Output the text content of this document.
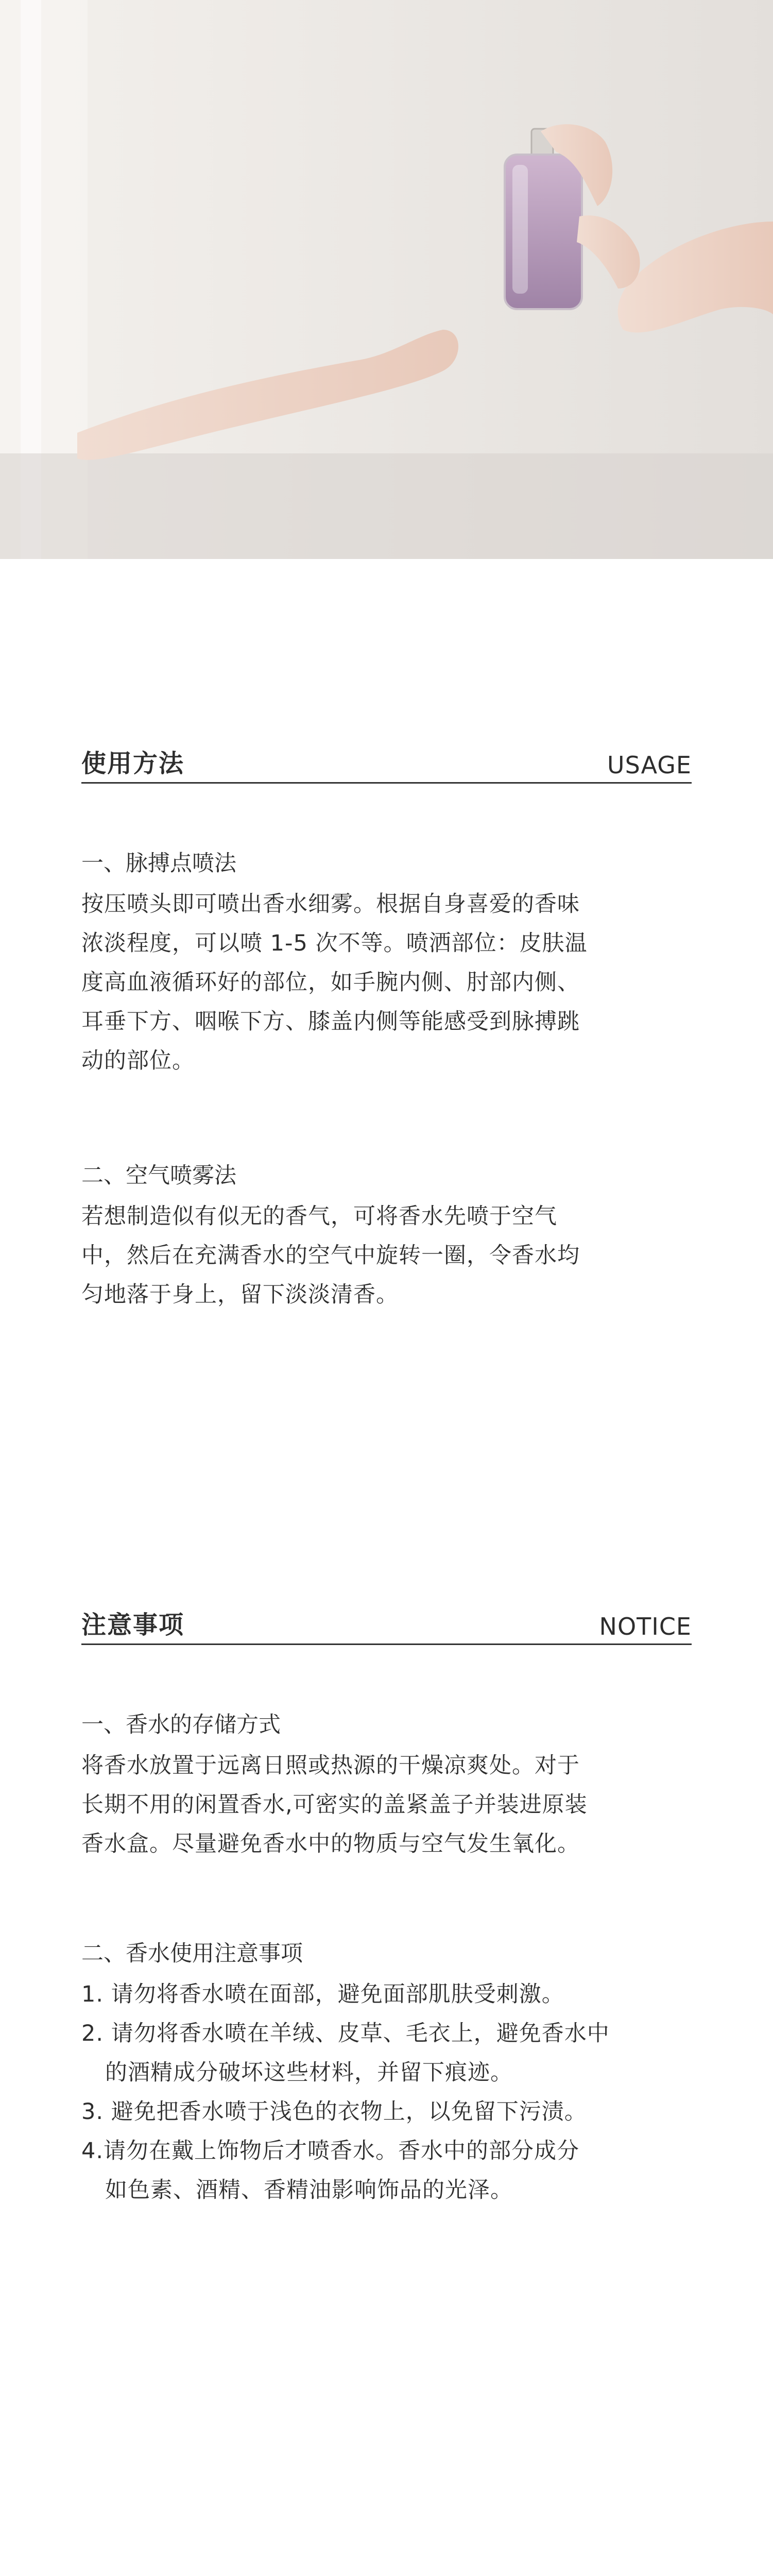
使用方法	USAGE

一、脉搏点喷法

按压喷头即可喷出香水细雾。根据自身喜爱的香味

浓淡程度，可以喷 1-5 次不等。喷洒部位：皮肤温

度高血液循环好的部位，如手腕内侧、肘部内侧、

耳垂下方、咽喉下方、膝盖内侧等能感受到脉搏跳

动的部位。

二、空气喷雾法

若想制造似有似无的香气，可将香水先喷于空气

中，然后在充满香水的空气中旋转一圈，令香水均

匀地落于身上，留下淡淡清香。

注意事项	NOTICE

一、香水的存储方式

将香水放置于远离日照或热源的干燥凉爽处。对于

长期不用的闲置香水,可密实的盖紧盖子并装进原装

香水盒。尽量避免香水中的物质与空气发生氧化。

二、香水使用注意事项

1. 请勿将香水喷在面部，避免面部肌肤受刺激。

2. 请勿将香水喷在羊绒、皮草、毛衣上，避免香水中

的酒精成分破坏这些材料，并留下痕迹。

3. 避免把香水喷于浅色的衣物上，以免留下污渍。

4.请勿在戴上饰物后才喷香水。香水中的部分成分

如色素、酒精、香精油影响饰品的光泽。
